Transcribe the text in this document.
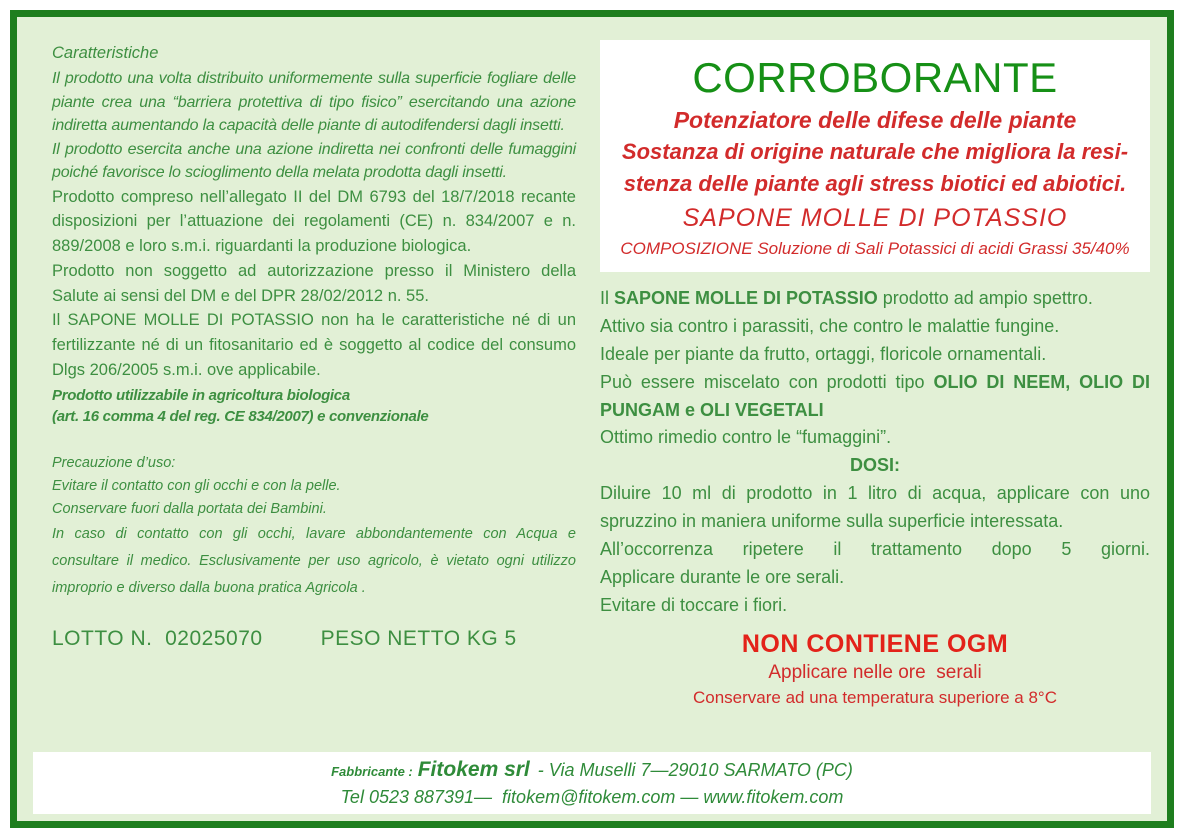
Caratteristiche

Il prodotto una volta distribuito uniformemente sulla superficie fogliare delle piante crea una “barriera protettiva di tipo fisico” esercitando una azione indiretta aumentando la capacità delle piante di autodifendersi dagli insetti.

Il prodotto esercita anche una azione indiretta nei confronti delle fumaggini poiché favorisce lo scioglimento della melata prodotta dagli insetti.

Prodotto compreso nell’allegato II del DM 6793 del 18/7/2018 recante disposizioni per l’attuazione dei regolamenti (CE) n. 834/2007 e n. 889/2008 e loro s.m.i. riguardanti la produzione biologica.

Prodotto non soggetto ad autorizzazione presso il Ministero della Salute ai sensi del DM e del DPR 28/02/2012 n. 55.

Il SAPONE MOLLE DI POTASSIO non ha le caratteristiche né di un fertilizzante né di un fitosanitario ed è soggetto al codice del consumo Dlgs 206/2005 s.m.i. ove applicabile.

Prodotto utilizzabile in agricoltura biologica
(art. 16 comma 4 del reg. CE 834/2007) e convenzionale

Precauzione d’uso:

Evitare il contatto con gli occhi e con la pelle.

Conservare fuori dalla portata dei Bambini.

In caso di contatto con gli occhi, lavare abbondantemente con Acqua e consultare il medico. Esclusivamente per uso agricolo, è vietato ogni utilizzo improprio e diverso dalla buona pratica Agricola .

LOTTO N.  02025070	PESO NETTO KG 5
CORROBORANTE
Potenziatore delle difese delle piante
Sostanza di origine naturale che migliora la resi-
stenza delle piante agli stress biotici ed abiotici.
SAPONE MOLLE DI POTASSIO
COMPOSIZIONE Soluzione di Sali Potassici di acidi Grassi 35/40%

Il SAPONE MOLLE DI POTASSIO prodotto ad ampio spettro.

Attivo sia contro i parassiti, che contro le malattie fungine.

Ideale per piante da frutto, ortaggi, floricole ornamentali.

Può essere miscelato con prodotti tipo OLIO DI NEEM, OLIO DI PUNGAM e OLI VEGETALI

Ottimo rimedio contro le “fumaggini”.

DOSI:

Diluire 10 ml di prodotto in 1 litro di acqua, applicare con uno spruzzino in maniera uniforme sulla superficie interessata.

All’occorrenza ripetere il trattamento dopo 5 giorni.

Applicare durante le ore serali.

Evitare di toccare i fiori.

NON CONTIENE OGM
Applicare nelle ore  serali
Conservare ad una temperatura superiore a 8°C
Fabbricante : Fitokem srl - Via Muselli 7—29010 SARMATO (PC)
Tel 0523 887391—  fitokem@fitokem.com — www.fitokem.com
